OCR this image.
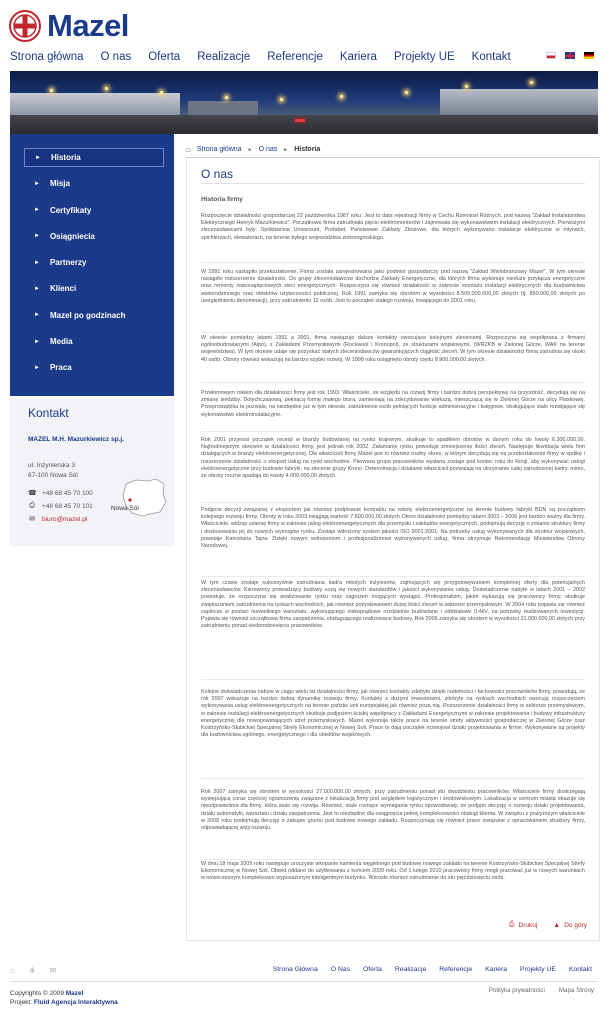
Mazel
Strona główna O nas Oferta Realizacje Referencje Kariera Projekty UE Kontakt
► Historia
► Misja
► Certyfikaty
► Osiągniecia
► Partnerzy
► Klienci
► Mazel po godzinach
► Media
► Praca
Kontakt
MAZEL M.H. Mazurkiewicz sp.j.
ul. Inżynierska 3
67-100 Nowa Sól
☎ +48 68 45 70 100
⎙ +48 68 45 70 101
✉ biuro@mazel.pl
Nowa Sól
⌂ Strona główna ► O nas ► Historia
O nas
Historia firmy

Rozpoczęcie działalności gospodarczej 22 października 1987 roku. Jest to data rejestracji firmy w Cechu Rzemiosł Różnych, pod nazwą "Zakład Instalatorstwa Elektrycznego Henryk Mazurkiewicz". Początkowo firma zatrudniała pięciu elektromonterów i zajmowała się wykonawstwem instalacji elektrycznych. Pierwszymi zleceniodawcami były: Spółdzielnia Universum, Prefabet, Państwowe Zakłady Zbożowe, dla których wykonywano instalacje elektryczne w młynach, spichlerzach, elewatorach, na terenie byłego województwa zielonogórskiego.

W 1991 roku nastąpiło przekształcenie. Firma została zarejestrowana jako podmiot gospodarczy pod nazwą "Zakład Wielobranżowy Mazel". W tym okresie nastąpiło rozszerzenie działalności. Do grupy zleceniodawców dochodzą Zakłady Energetyczne, dla których firma wykonuje nieduże przyłącza energetyczne oraz remonty niskonapięciowych sieci energetycznych. Rozpoczyna się również działalność w zakresie montażu instalacji elektrycznych dla budownictwa wielorodzinnego oraz obiektów użyteczności publicznej. Rok 1991 zamyka się obrotem w wysokości 8.500.000.000,00 złotych (tj. 850.000,00 złotych po uwzględnieniu denominacji), przy zatrudnieniu 12 osób. Jest to początek stałego rozwoju, trwającego do 2001 roku.

W okresie pomiędzy latami 1991 a 2001, firma nawiązuje dalsze kontakty owocujące kolejnymi zleceniami. Rozpoczyna się współpraca z firmami ogólnobudowlanymi (Alpo), z Zakładami Przemysłowymi (Rockwool i Kronopol), ze strukturami wojskowymi, (WRZKB w Zielonej Górze, WAK na terenie województwa). W tym okresie udaje się pozyskać stałych zleceniodawców gwarantujących ciągłość zleceń. W tym okresie działalności firma zatrudnia się około 40 osób. Obroty również wskazują na bardzo szybki rozwój. W 1998 roku osiągnięto obroty rzędu 8.900.000,00 złotych.

Przełomowym rokiem dla działalności firmy jest rok 1993. Właściciele, ze względu na rozwój firmy i bardzo dobrą perspektywę na przyszłość, decydują się na zmianę siedziby. Dotychczasową, pełniącą formę małego biura, zamieniają na zdecydowanie większą, mieszczącą się w Zielonej Górze na ulicy Piaskowej. Przeprowadzka ta pozwala, na niezbędne już w tym okresie, zatrudnienie osób pełniących funkcje administracyjne i księgowe, obsługujące stale rozwijające się wykonawstwo elektroinstalacyjne.

Rok 2001 przynosi początek recesji w branży budowlanej na rynku krajowym, skutkuje to spadkiem obrotów w danym roku do kwoty 6.300.000,00. Najtrudniejszym okresem w działalności firmy, jest jednak rok 2002. Załamanie rynku powoduje zmniejszenie ilości zleceń. Następuje likwidacja wielu firm działających w branży elektroenergetycznej. Dla właścicieli firmy Mazel jest to również trudny okres, w którym decydują się na przekształcenie firmy w spółkę i rozszerzenie działalności o eksport usług na rynki wschodnie. Pierwsza grupa pracowników wysłana zostaje pod koniec roku do Rosji, aby wykonywać usługi elektroenergetyczne przy budowie fabryki, na zlecenie grupy Krono. Determinacja i działanie właścicieli pozwalają na utrzymanie całej zatrudnionej kadry, mimo, że obroty roczne spadają do kwoty 4.000.000,00 złotych.

Podjęcie decyzji związanej z eksportem jak również podpisanie kontraktu na roboty elektroenergetyczne na terenie budowy fabryki BDN są początkiem kolejnego rozwoju firmy. Obroty w roku 2003 osiągają wartość 7.600.000,00 złotych.Okres działalności pomiędzy latami 2003 – 2006 jest bardzo ważny dla firmy. Właściciele, widząc szansę firmy w zakresie usług elektroenergetycznych dla przemysłu i zakładów energetycznych, podejmują decyzję o zmianie struktury firmy i dostosowaniu jej do nowych wymogów rynku. Zostaje wdrożony system jakości ISO 9001:2001. Na potrzeby usług wykonywanych dla struktur wojskowych, powstaje Kancelaria Tajna. Dzięki nowym wdrożeniom i profesjonalizmowi wykonywanych usług, firma otrzymuje Rekomendację Ministerstwa Obrony Narodowej.

W tym czasie zostaje sukcesywnie zatrudniana kadra młodych inżynierów, zajmujących się przygotowywaniem kompletnej oferty dla potencjalnych zleceniodawców. Kierownicy prowadzący budowy uczą się nowych standardów i jakości wykonywania usług. Doświadczenie nabyte w latach 2001 – 2002 powoduje, że rozpoczyna się analizowanie rynku oraz zagrożeń mogących wystąpić. Profesjonalizm, jakim wykazują się pracownicy firmy, skutkuje zwiększaniem zatrudnienia na rynkach wschodnich, jak również pozyskiwaniem dużej ilości zleceń w sektorze przemysłowym. W 2004 roku pojawia się również zaplecze w postaci niewielkiego warsztatu, wykonującego niskoprądowe rozdzielnie budowlane i oddziałowe 0,4kV, na potrzeby realizowanych inwestycji. Pojawia się również szczątkowa firma zaopatrzenia, obsługującego realizowane budowy. Rok 2006 zamyka się obrotem w wysokości 21.000.000,00 złotych przy zatrudnieniu ponad siedemdziesięciu pracowników.

Kolejne doświadczenia nabyte w ciągu wielu lat działalności firmy, jak również kontakty zdobyte dzięki rzetelności i fachowości pracowników firmy, powodują, że rok 2007 wskazuje na bardzo dobrą dynamikę rozwoju firmy. Kontakty z dużymi inwestorami, zdobyte na rynkach wschodnich owocują rozpoczęciem wykonywania usług elektroenergetycznych na terenie państw unii europejskiej jak również poza nią. Rozszerzenie działalności firmy w sektorze przemysłowym, w zakresie instalacji elektroenergetycznych skutkuje podjęciem ścisłej współpracy z Zakładami Energetycznymi w zakresie projektowania i budowy infrastruktury energetycznej dla nowopowstających stref przemysłowych. Mazel wykonuje także prace na terenie strefy aktywności gospodarczej w Zielonej Górze oraz Kostrzyńsko-Słubickiej Specjalnej Strefy Ekonomicznej w Nowej Soli. Prace te dają początek rozwojowi działu projektowania w firmie. Wykonywane są projekty dla budownictwa ogólnego, energetycznego i dla obiektów wojskowych.

Rok 2007 zamyka się obrotem w wysokości 27.000.000,00 złotych, przy zatrudnieniu ponad stu dwudziestu pracowników. Właściciele firmy dostrzegają występującą coraz częściej ograniczenia związane z lokalizacją firmy pod względem logistycznym i środowiskowym. Lokalizacja w centrum miasta okazuje się nieodpowiednia dla firmy, która stale się rozwija. Również, stale rosnące wymagania rynku spowodowały, że podjęto decyzję o rozwoju działu projektowania, działu automatyki, warsztatu i działu zaopatrzenia. Jest to niezbędne dla osiągnięcia pełnej kompleksowości obsługi klienta. W związku z powyższym właściciele w 2008 roku podejmują decyzję o zakupie gruntu pod budowę nowego zakładu. Rozpoczynają się również prace związane z opracowaniem struktury firmy, odpowiadającej wizji rozwoju.

W dniu 18 maja 2009 roku następuje uroczyste wkopanie kamienia węgielnego pod budowę nowego zakładu na terenie Kostrzyńsko-Słubickiej Specjalnej Strefy Ekonomicznej w Nowej Soli. Obiekt oddano do użytkowania z końcem 2009 roku. Od 1 lutego 2010 pracownicy firmy mogli pracować już w nowych warunkach w nowoczesnym kompleksowo wyposażonym inteligentnym budynku. Wzrosło również zatrudnienie do stu pięćdziesięciu osób.

⎙ Drukuj ▲ Do góry
⌂ ⋔ ✉	Strona Główna O Nas Oferta Realizacje Referencje Kariera Projekty UE Kontakt
Copyrights © 2009 Mazel
Projekt: Fluid Agencja Interaktywna
Polityka prywatności Mapa Strony
